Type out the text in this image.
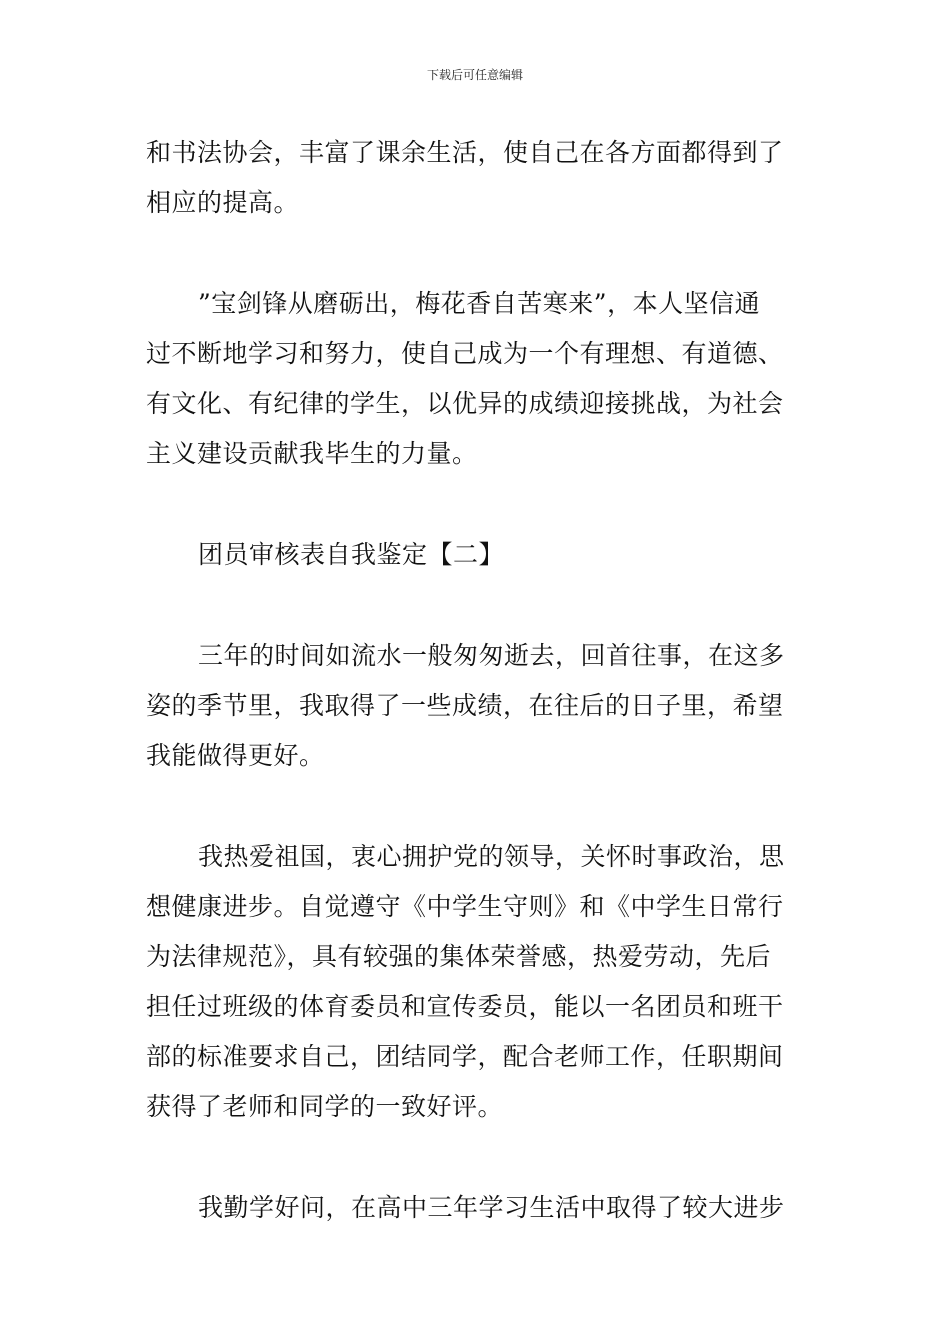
下载后可任意编辑
和书法协会，丰富了课余生活，使自己在各方面都得到了
相应的提高。
”宝剑锋从磨砺出，梅花香自苦寒来”，本人坚信通
过不断地学习和努力，使自己成为一个有理想、有道德、
有文化、有纪律的学生，以优异的成绩迎接挑战，为社会
主义建设贡献我毕生的力量。
团员审核表自我鉴定【二】
三年的时间如流水一般匆匆逝去，回首往事，在这多
姿的季节里，我取得了一些成绩，在往后的日子里，希望
我能做得更好。
我热爱祖国，衷心拥护党的领导，关怀时事政治，思
想健康进步。自觉遵守《中学生守则》和《中学生日常行
为法律规范》，具有较强的集体荣誉感，热爱劳动，先后
担任过班级的体育委员和宣传委员，能以一名团员和班干
部的标准要求自己，团结同学，配合老师工作，任职期间
获得了老师和同学的一致好评。
我勤学好问，在高中三年学习生活中取得了较大进步
